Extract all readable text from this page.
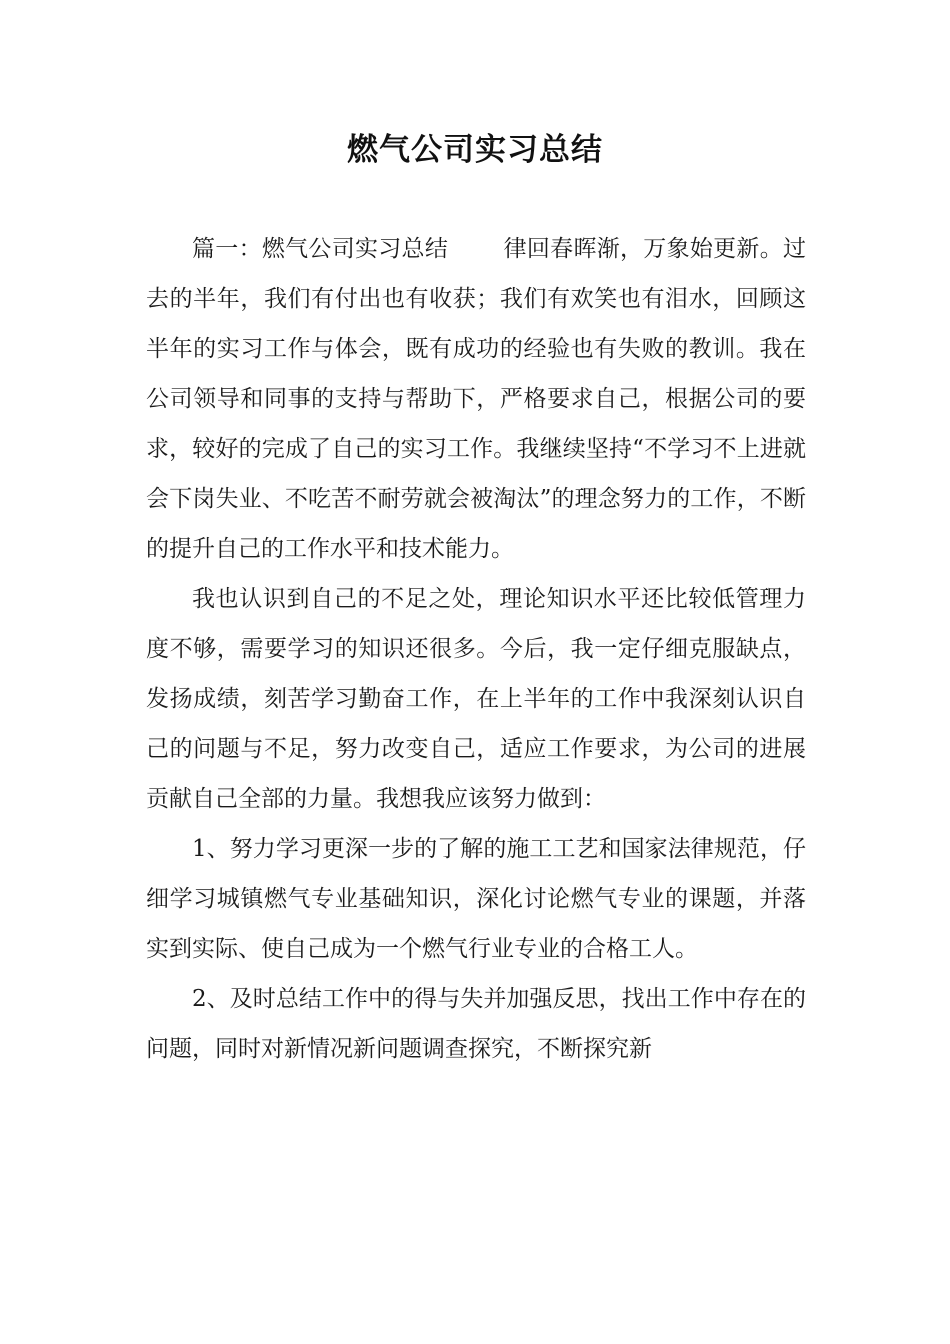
燃气公司实习总结

篇一：燃气公司实习总结 律回春晖渐，万象始更新。过去的半年，我们有付出也有收获；我们有欢笑也有泪水，回顾这半年的实习工作与体会，既有成功的经验也有失败的教训。我在公司领导和同事的支持与帮助下，严格要求自己，根据公司的要求，较好的完成了自己的实习工作。我继续坚持“不学习不上进就会下岗失业、不吃苦不耐劳就会被淘汰”的理念努力的工作，不断的提升自己的工作水平和技术能力。

我也认识到自己的不足之处，理论知识水平还比较低管理力度不够，需要学习的知识还很多。今后，我一定仔细克服缺点，发扬成绩，刻苦学习勤奋工作，在上半年的工作中我深刻认识自己的问题与不足，努力改变自己，适应工作要求，为公司的进展贡献自己全部的力量。我想我应该努力做到：

1、努力学习更深一步的了解的施工工艺和国家法律规范，仔细学习城镇燃气专业基础知识，深化讨论燃气专业的课题，并落实到实际、使自己成为一个燃气行业专业的合格工人。

2、及时总结工作中的得与失并加强反思，找出工作中存在的问题，同时对新情况新问题调查探究，不断探究新
